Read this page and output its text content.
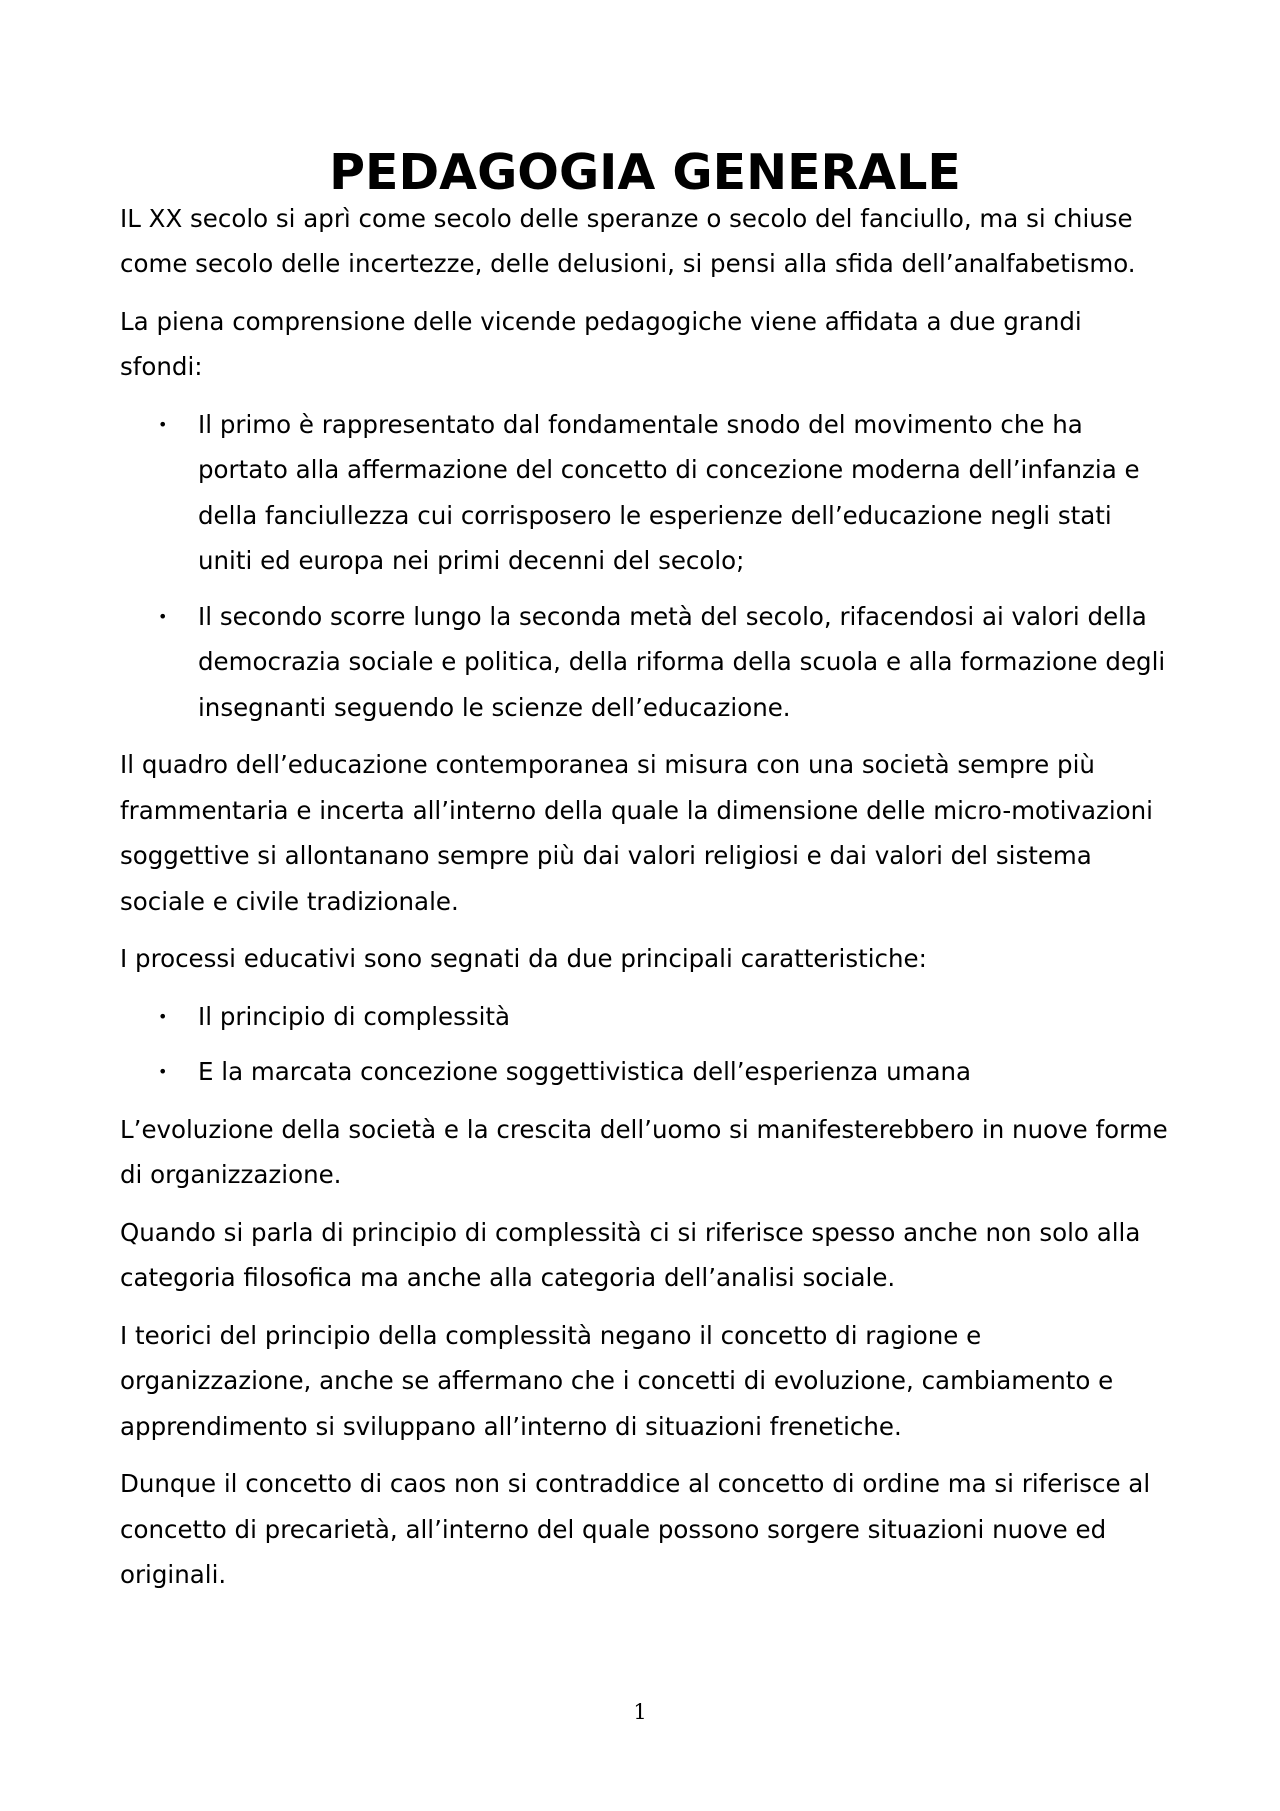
PEDAGOGIA GENERALE

IL XX secolo si aprì come secolo delle speranze o secolo del fanciullo, ma si chiuse come secolo delle incertezze, delle delusioni, si pensi alla sfida dell’analfabetismo.

La piena comprensione delle vicende pedagogiche viene affidata a due grandi sfondi:

• Il primo è rappresentato dal fondamentale snodo del movimento che ha portato alla affermazione del concetto di concezione moderna dell’infanzia e della fanciullezza cui corrisposero le esperienze dell’educazione negli stati uniti ed europa nei primi decenni del secolo;
• Il secondo scorre lungo la seconda metà del secolo, rifacendosi ai valori della democrazia sociale e politica, della riforma della scuola e alla formazione degli insegnanti seguendo le scienze dell’educazione.

Il quadro dell’educazione contemporanea si misura con una società sempre più frammentaria e incerta all’interno della quale la dimensione delle micro-motivazioni soggettive si allontanano sempre più dai valori religiosi e dai valori del sistema sociale e civile tradizionale.

I processi educativi sono segnati da due principali caratteristiche:

• Il principio di complessità
• E la marcata concezione soggettivistica dell’esperienza umana

L’evoluzione della società e la crescita dell’uomo si manifesterebbero in nuove forme di organizzazione.

Quando si parla di principio di complessità ci si riferisce spesso anche non solo alla categoria filosofica ma anche alla categoria dell’analisi sociale.

I teorici del principio della complessità negano il concetto di ragione e organizzazione, anche se affermano che i concetti di evoluzione, cambiamento e apprendimento si sviluppano all’interno di situazioni frenetiche.

Dunque il concetto di caos non si contraddice al concetto di ordine ma si riferisce al concetto di precarietà, all’interno del quale possono sorgere situazioni nuove ed originali.

1
